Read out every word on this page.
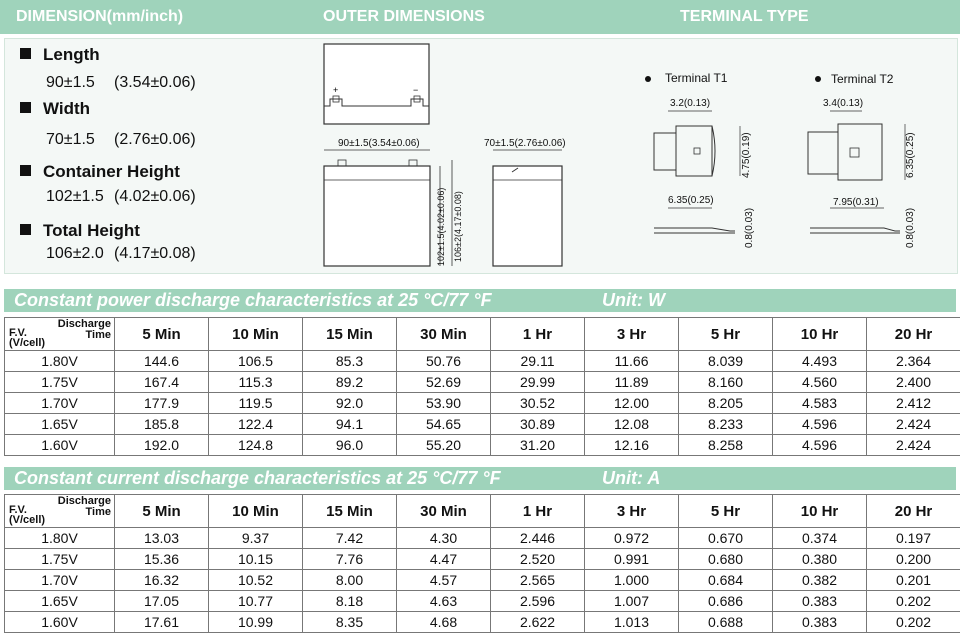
DIMENSION(mm/inch)	OUTER DIMENSIONS	TERMINAL TYPE
Length
90±1.5 (3.54±0.06)
Width
70±1.5 (2.76±0.06)
Container Height
102±1.5 (4.02±0.06)
Total Height
106±2.0 (4.17±0.08)
+	−
90±1.5(3.54±0.06)	70±1.5(2.76±0.06)
102±1.5(4.02±0.06) 106±2(4.17±0.08)
Terminal T1
3.2(0.13)
4.75(0.19)
6.35(0.25)
0.8(0.03)
Terminal T2
3.4(0.13)
6.35(0.25)
7.95(0.31)
0.8(0.03)
Constant power discharge characteristics at 25 °C/77 °F	Unit: W
Discharge
Time
F.V.
(V/cell)	5 Min	10 Min	15 Min	30 Min	1 Hr	3 Hr	5 Hr	10 Hr	20 Hr
1.80V	144.6	106.5	85.3	50.76	29.11	11.66	8.039	4.493	2.364
1.75V	167.4	115.3	89.2	52.69	29.99	11.89	8.160	4.560	2.400
1.70V	177.9	119.5	92.0	53.90	30.52	12.00	8.205	4.583	2.412
1.65V	185.8	122.4	94.1	54.65	30.89	12.08	8.233	4.596	2.424
1.60V	192.0	124.8	96.0	55.20	31.20	12.16	8.258	4.596	2.424
Constant current discharge characteristics at 25 °C/77 °F	Unit: A
Discharge
Time
F.V.
(V/cell)	5 Min	10 Min	15 Min	30 Min	1 Hr	3 Hr	5 Hr	10 Hr	20 Hr
1.80V	13.03	9.37	7.42	4.30	2.446	0.972	0.670	0.374	0.197
1.75V	15.36	10.15	7.76	4.47	2.520	0.991	0.680	0.380	0.200
1.70V	16.32	10.52	8.00	4.57	2.565	1.000	0.684	0.382	0.201
1.65V	17.05	10.77	8.18	4.63	2.596	1.007	0.686	0.383	0.202
1.60V	17.61	10.99	8.35	4.68	2.622	1.013	0.688	0.383	0.202
